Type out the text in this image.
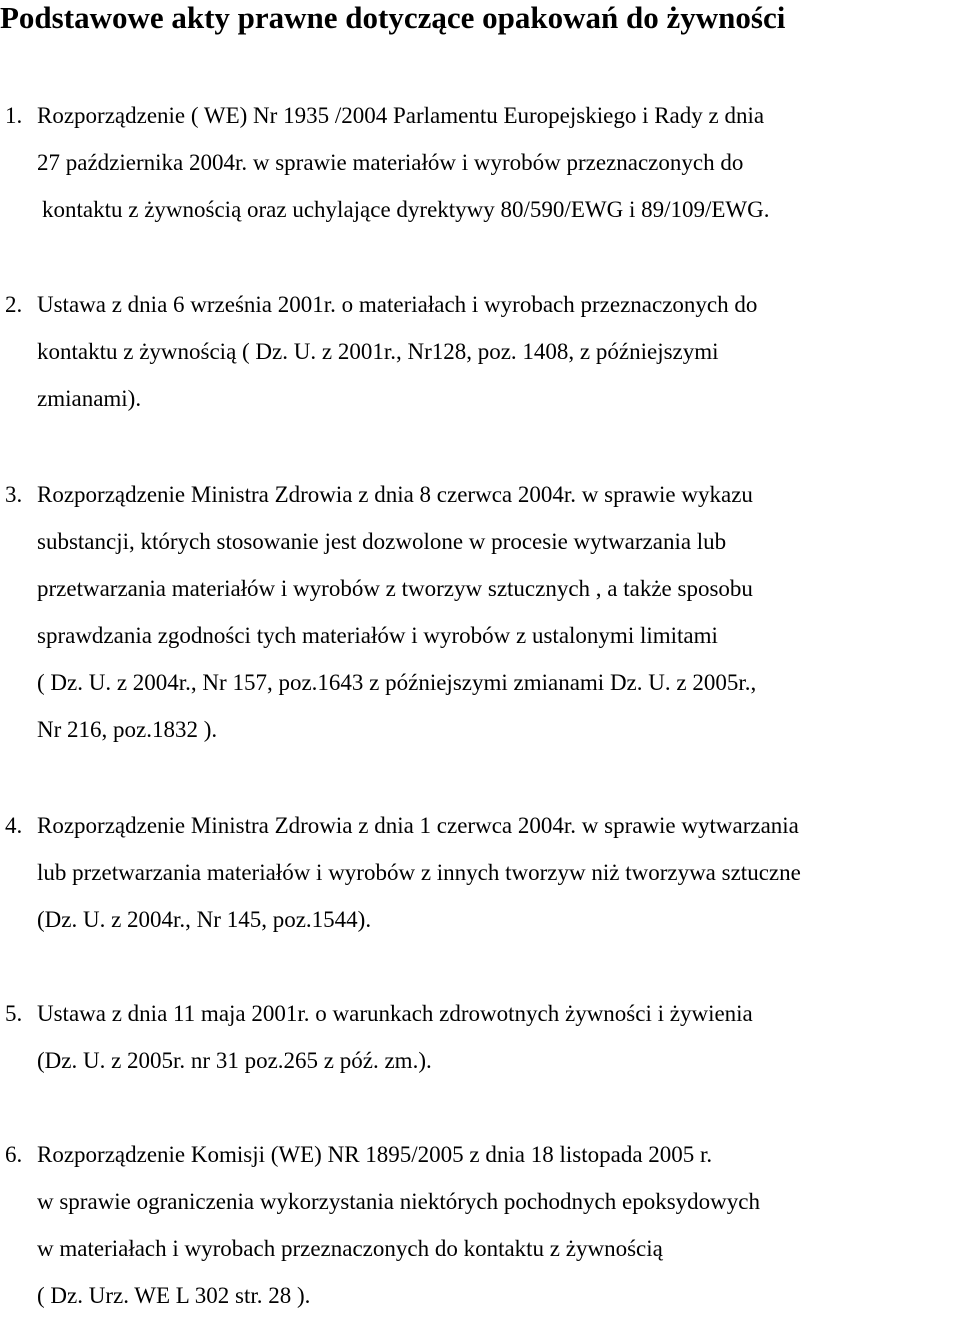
Podstawowe akty prawne dotyczące opakowań do żywności
1. Rozporządzenie ( WE) Nr 1935 /2004 Parlamentu Europejskiego i Rady z dnia
27 października 2004r. w sprawie materiałów i wyrobów przeznaczonych do
kontaktu z żywnością oraz uchylające dyrektywy 80/590/EWG i 89/109/EWG.
2. Ustawa z dnia 6 września 2001r. o materiałach i wyrobach przeznaczonych do
kontaktu z żywnością ( Dz. U. z 2001r., Nr128, poz. 1408, z późniejszymi
zmianami).
3. Rozporządzenie Ministra Zdrowia z dnia 8 czerwca 2004r. w sprawie wykazu
substancji, których stosowanie jest dozwolone w procesie wytwarzania lub
przetwarzania materiałów i wyrobów z tworzyw sztucznych , a także sposobu
sprawdzania zgodności tych materiałów i wyrobów z ustalonymi limitami
( Dz. U. z 2004r., Nr 157, poz.1643 z późniejszymi zmianami Dz. U. z 2005r.,
Nr 216, poz.1832 ).
4. Rozporządzenie Ministra Zdrowia z dnia 1 czerwca 2004r. w sprawie wytwarzania
lub przetwarzania materiałów i wyrobów z innych tworzyw niż tworzywa sztuczne
(Dz. U. z 2004r., Nr 145, poz.1544).
5. Ustawa z dnia 11 maja 2001r. o warunkach zdrowotnych żywności i żywienia
(Dz. U. z 2005r. nr 31 poz.265 z póź. zm.).
6. Rozporządzenie Komisji (WE) NR 1895/2005 z dnia 18 listopada 2005 r.
w sprawie ograniczenia wykorzystania niektórych pochodnych epoksydowych
w materiałach i wyrobach przeznaczonych do kontaktu z żywnością
( Dz. Urz. WE L 302 str. 28 ).
